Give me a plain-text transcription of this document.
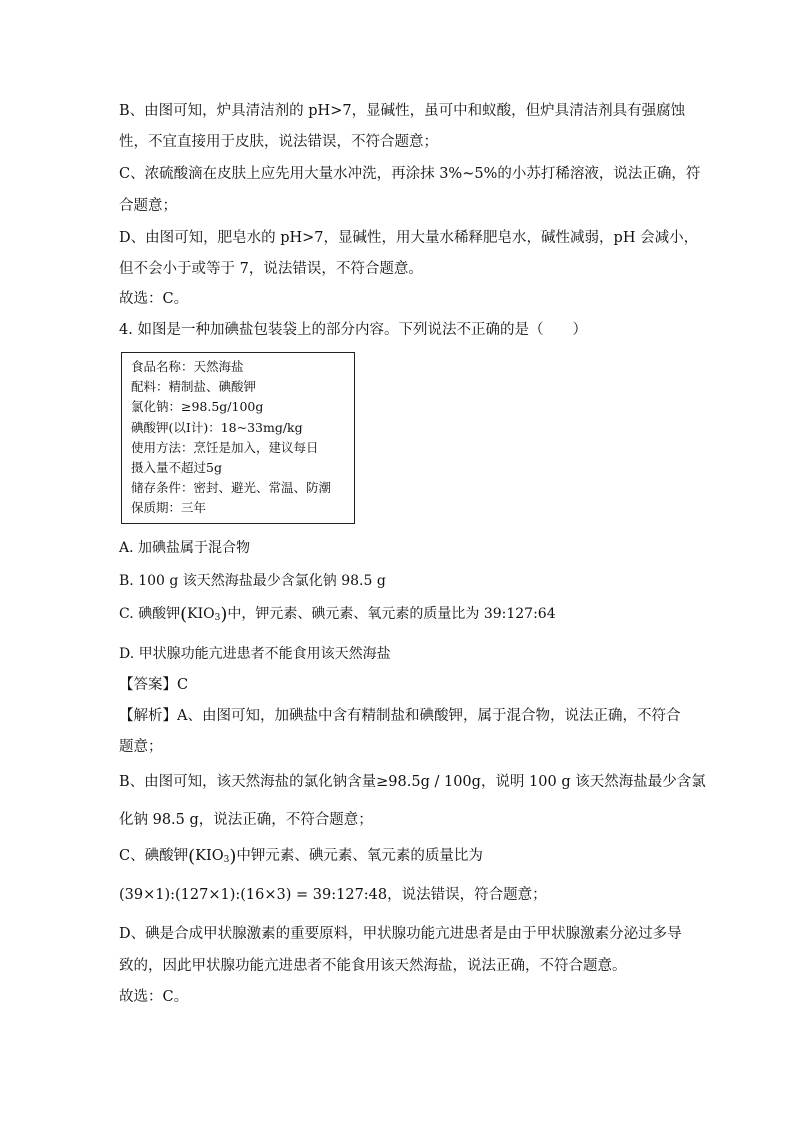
B、由图可知，炉具清洁剂的 pH>7，显碱性，虽可中和蚁酸，但炉具清洁剂具有强腐蚀
性，不宜直接用于皮肤，说法错误，不符合题意；
C、浓硫酸滴在皮肤上应先用大量水冲洗，再涂抹 3%~5%的小苏打稀溶液，说法正确，符
合题意；
D、由图可知，肥皂水的 pH>7，显碱性，用大量水稀释肥皂水，碱性减弱，pH 会减小，
但不会小于或等于 7，说法错误，不符合题意。
故选：C。
4. 如图是一种加碘盐包装袋上的部分内容。下列说法不正确的是（　　）
食品名称：天然海盐
配料：精制盐、碘酸钾
氯化钠：≥98.5g/100g
碘酸钾(以I计)：18~33mg/kg
使用方法：烹饪是加入，建议每日
摄入量不超过5g
储存条件：密封、避光、常温、防潮
保质期：三年
A. 加碘盐属于混合物
B. 100 g 该天然海盐最少含氯化钠 98.5 g
C. 碘酸钾$(KIO_3)$中，钾元素、碘元素、氧元素的质量比为 39:127:64
D. 甲状腺功能亢进患者不能食用该天然海盐
【答案】C
【解析】A、由图可知，加碘盐中含有精制盐和碘酸钾，属于混合物，说法正确，不符合
题意；
B、由图可知，该天然海盐的氯化钠含量≥98.5g / 100g，说明 100 g 该天然海盐最少含氯
化钠 98.5 g，说法正确，不符合题意；
C、碘酸钾$(KIO_3)$中钾元素、碘元素、氧元素的质量比为
(39×1):(127×1):(16×3) = 39:127:48，说法错误，符合题意；
D、碘是合成甲状腺激素的重要原料，甲状腺功能亢进患者是由于甲状腺激素分泌过多导
致的，因此甲状腺功能亢进患者不能食用该天然海盐，说法正确，不符合题意。
故选：C。
